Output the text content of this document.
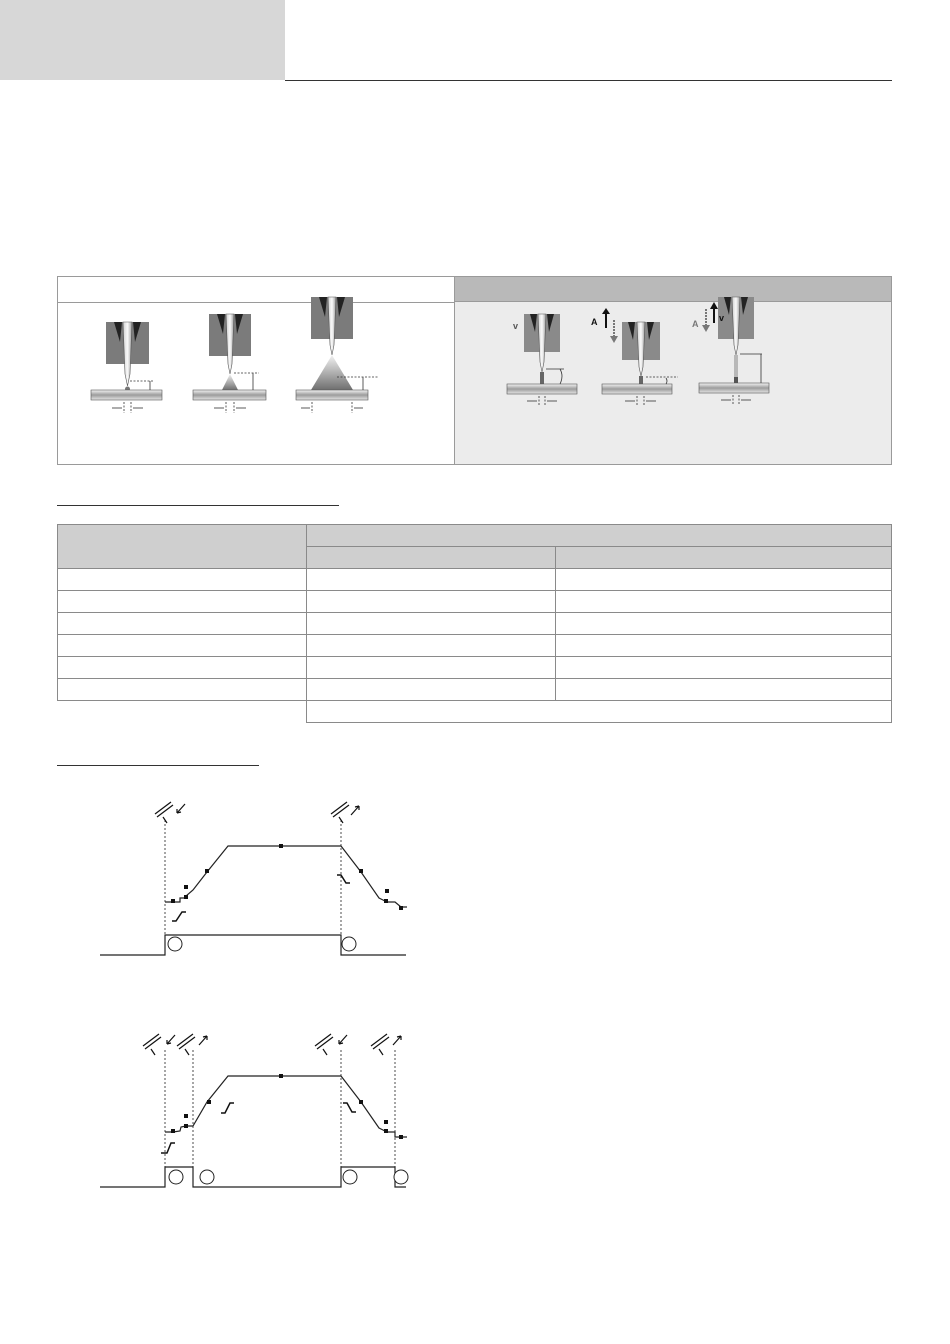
v	A	A
v
